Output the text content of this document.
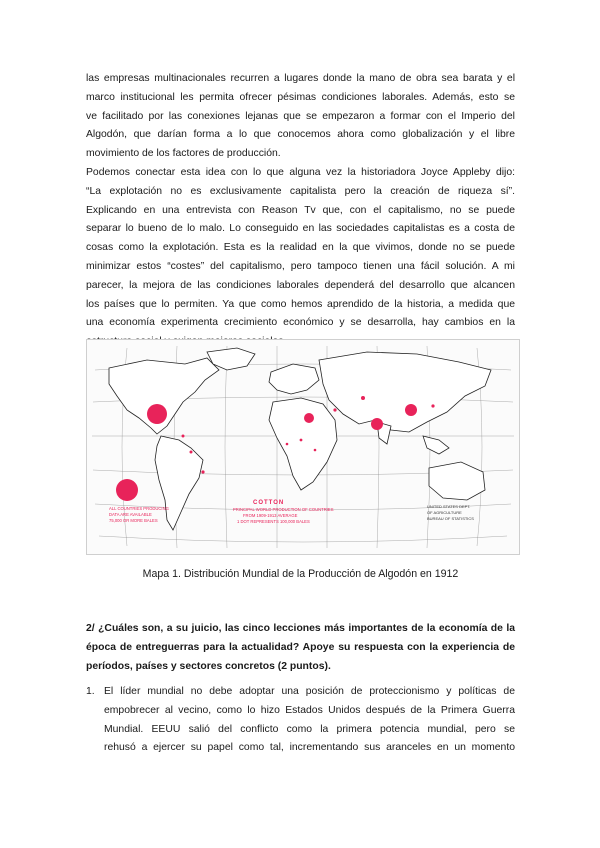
las empresas multinacionales recurren a lugares donde la mano de obra sea barata y el
marco institucional les permita ofrecer pésimas condiciones laborales. Además, esto se
ve facilitado por las conexiones lejanas que se empezaron a formar con el Imperio del
Algodón, que darían forma a lo que conocemos ahora como globalización y el libre
movimiento de los factores de producción.

Podemos conectar esta idea con lo que alguna vez la historiadora Joyce Appleby dijo:
“La explotación no es exclusivamente capitalista pero la creación de riqueza sí”.
Explicando en una entrevista con Reason Tv que, con el capitalismo, no se puede
separar lo bueno de lo malo. Lo conseguido en las sociedades capitalistas es a costa de
cosas como la explotación. Esta es la realidad en la que vivimos, donde no se puede
minimizar estos “costes” del capitalismo, pero tampoco tienen una fácil solución. A mi
parecer, la mejora de las condiciones laborales dependerá del desarrollo que alcancen
los países que lo permiten. Ya que como hemos aprendido de la historia, a medida que
una economía experimenta crecimiento económico y se desarrolla, hay cambios en la

ALL COUNTRIES PRODUCING
DATA ARE AVAILABLE
75,000 OR MORE BALES
COTTON
PRINCIPAL WORLD PRODUCTION OF COUNTRIES
FROM 1909-1913 AVERAGE
1 DOT REPRESENTS 100,000 BALES
UNITED STATES DEPT.
OF AGRICULTURE
BUREAU OF STATISTICS

Mapa 1. Distribución Mundial de la Producción de Algodón en 1912

2/ ¿Cuáles son, a su juicio, las cinco lecciones más importantes de la economía de la
época de entreguerras para la actualidad? Apoye su respuesta con la experiencia de
períodos, países y sectores concretos (2 puntos).

1. El líder mundial no debe adoptar una posición de proteccionismo y políticas de
empobrecer al vecino, como lo hizo Estados Unidos después de la Primera Guerra
Mundial. EEUU salió del conflicto como la primera potencia mundial, pero se
rehusó a ejercer su papel como tal, incrementando sus aranceles en un momento
